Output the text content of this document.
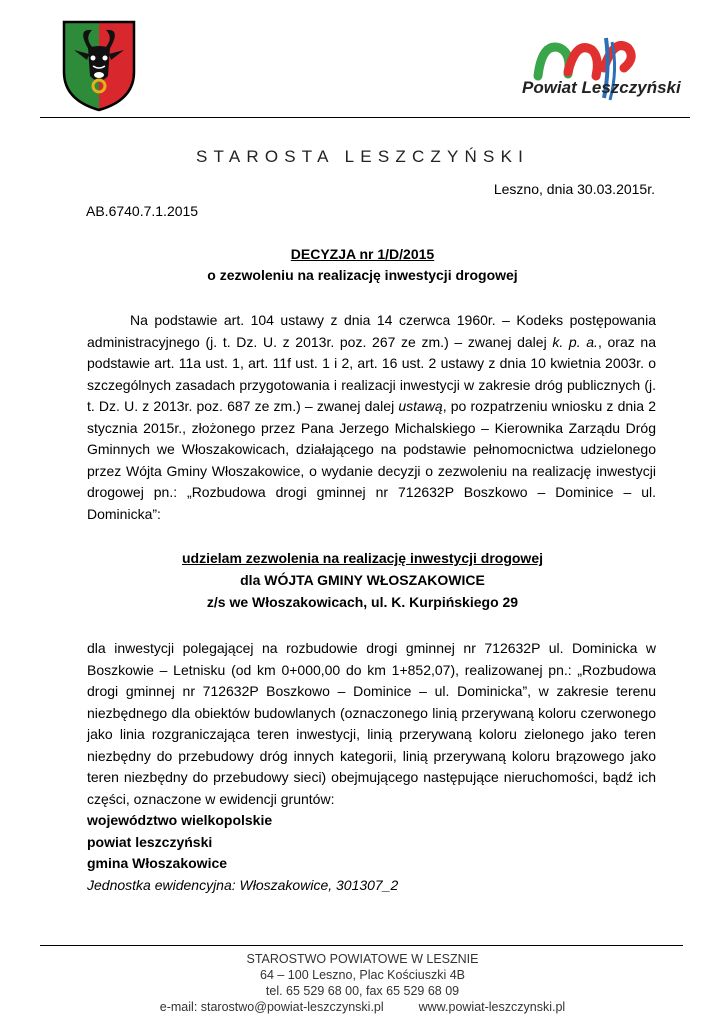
Powiat Leszczyński
STAROSTA LESZCZYŃSKI
Leszno, dnia 30.03.2015r.
AB.6740.7.1.2015
DECYZJA nr 1/D/2015
o zezwoleniu na realizację inwestycji drogowej
Na podstawie art. 104 ustawy z dnia 14 czerwca 1960r. – Kodeks postępowania administracyjnego (j. t. Dz. U. z 2013r. poz. 267 ze zm.) – zwanej dalej k. p. a., oraz na podstawie art. 11a ust. 1, art. 11f ust. 1 i 2, art. 16 ust. 2 ustawy z dnia 10 kwietnia 2003r. o szczególnych zasadach przygotowania i realizacji inwestycji w zakresie dróg publicznych (j. t. Dz. U. z 2013r. poz. 687 ze zm.) – zwanej dalej ustawą, po rozpatrzeniu wniosku z dnia 2 stycznia 2015r., złożonego przez Pana Jerzego Michalskiego – Kierownika Zarządu Dróg Gminnych we Włoszakowicach, działającego na podstawie pełnomocnictwa udzielonego przez Wójta Gminy Włoszakowice, o wydanie decyzji o zezwoleniu na realizację inwestycji drogowej pn.: „Rozbudowa drogi gminnej nr 712632P Boszkowo – Dominice – ul. Dominicka”:
udzielam zezwolenia na realizację inwestycji drogowej
dla WÓJTA GMINY WŁOSZAKOWICE
z/s we Włoszakowicach, ul. K. Kurpińskiego 29
dla inwestycji polegającej na rozbudowie drogi gminnej nr 712632P ul. Dominicka w Boszkowie – Letnisku (od km 0+000,00 do km 1+852,07), realizowanej pn.: „Rozbudowa drogi gminnej nr 712632P Boszkowo – Dominice – ul. Dominicka”, w zakresie terenu niezbędnego dla obiektów budowlanych (oznaczonego linią przerywaną koloru czerwonego jako linia rozgraniczająca teren inwestycji, linią przerywaną koloru zielonego jako teren niezbędny do przebudowy dróg innych kategorii, linią przerywaną koloru brązowego jako teren niezbędny do przebudowy sieci) obejmującego następujące nieruchomości, bądź ich części, oznaczone w ewidencji gruntów:
województwo wielkopolskie
powiat leszczyński
gmina Włoszakowice
Jednostka ewidencyjna: Włoszakowice, 301307_2
STAROSTWO POWIATOWE W LESZNIE
64 – 100 Leszno, Plac Kościuszki 4B
tel. 65 529 68 00, fax 65 529 68 09
e-mail: starostwo@powiat-leszczynski.pl	www.powiat-leszczynski.pl
